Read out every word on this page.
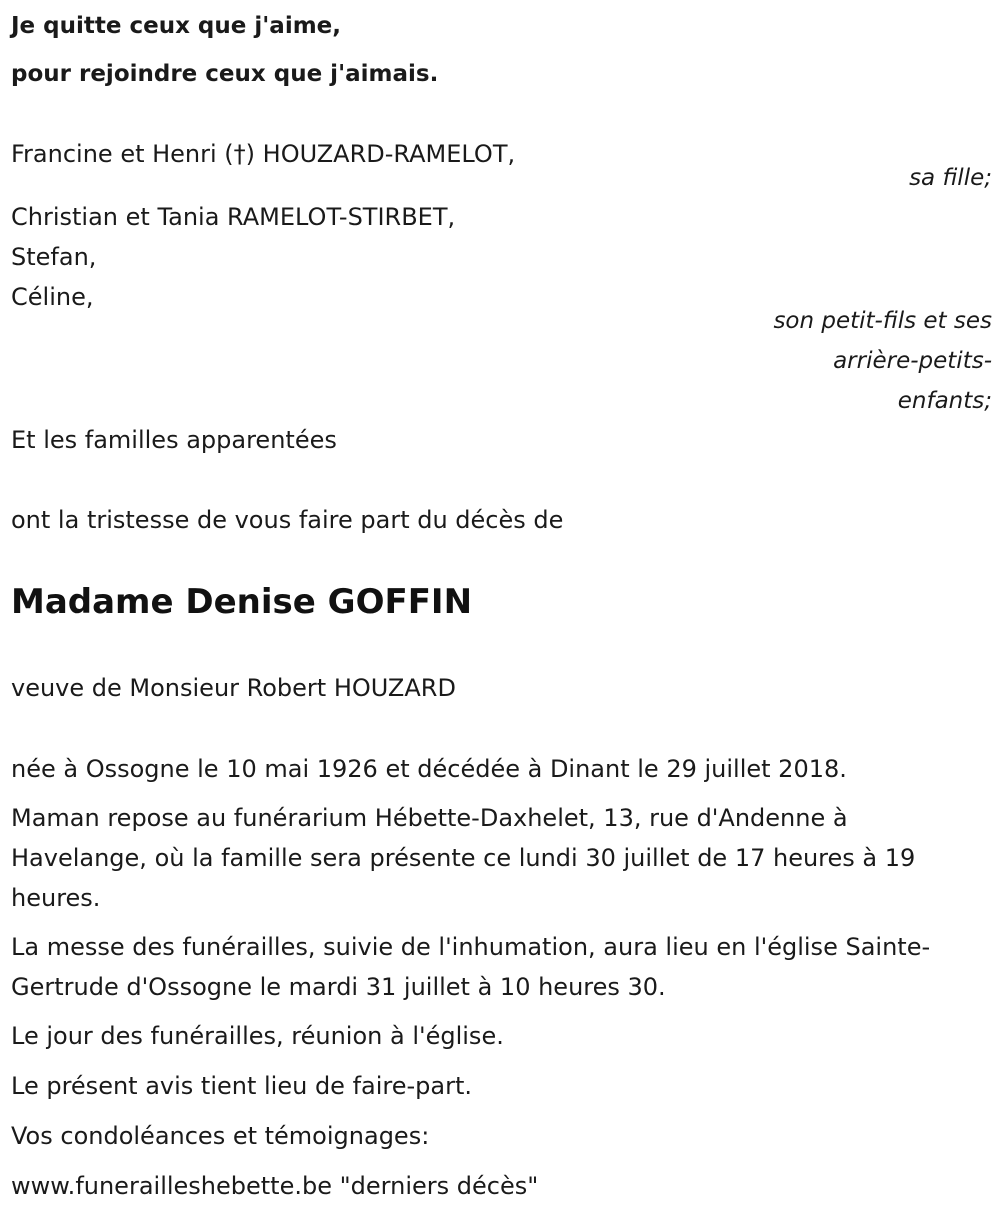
Je quitte ceux que j'aime,
pour rejoindre ceux que j'aimais.
Francine et Henri (†) HOUZARD-RAMELOT,
sa fille;
Christian et Tania RAMELOT-STIRBET,
Stefan,
Céline,
son petit-fils et ses
arrière-petits-
enfants;
Et les familles apparentées
ont la tristesse de vous faire part du décès de
Madame Denise GOFFIN
veuve de Monsieur Robert HOUZARD
née à Ossogne le 10 mai 1926 et décédée à Dinant le 29 juillet 2018.
Maman repose au funérarium Hébette-Daxhelet, 13, rue d'Andenne à Havelange, où la famille sera présente ce lundi 30 juillet de 17 heures à 19 heures.
La messe des funérailles, suivie de l'inhumation, aura lieu en l'église Sainte-Gertrude d'Ossogne le mardi 31 juillet à 10 heures 30.
Le jour des funérailles, réunion à l'église.
Le présent avis tient lieu de faire-part.
Vos condoléances et témoignages:
www.funerailleshebette.be "derniers décès"
